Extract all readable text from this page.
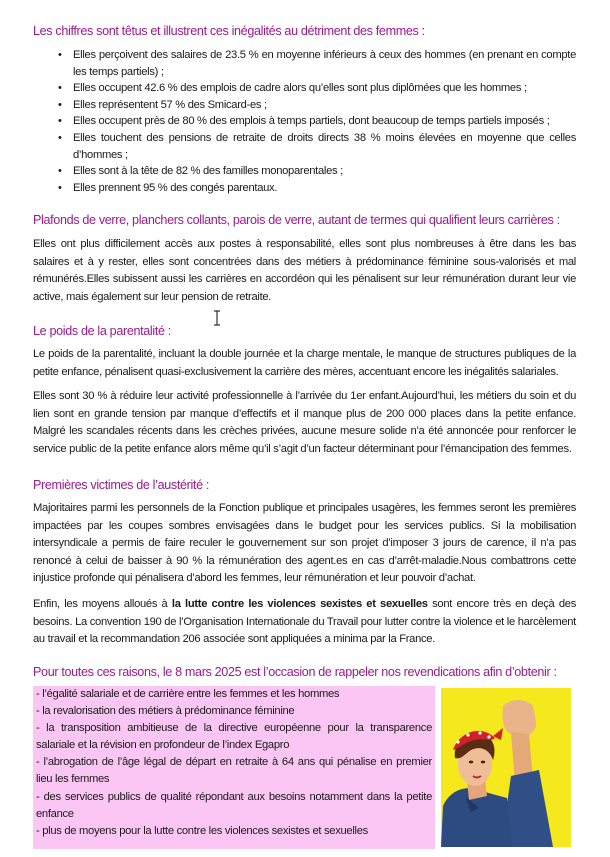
Les chiffres sont têtus et illustrent ces inégalités au détriment des femmes :
• Elles perçoivent des salaires de 23.5 % en moyenne inférieurs à ceux des hommes (en prenant en compte les temps partiels) ;
• Elles occupent 42.6 % des emplois de cadre alors qu’elles sont plus diplômées que les hommes ;
• Elles représentent 57 % des Smicard-es ;
• Elles occupent près de 80 % des emplois à temps partiels, dont beaucoup de temps partiels imposés ;
• Elles touchent des pensions de retraite de droits directs 38 % moins élevées en moyenne que celles d’hommes ;
• Elles sont à la tête de 82 % des familles monoparentales ;
• Elles prennent 95 % des congés parentaux.
Plafonds de verre, planchers collants, parois de verre, autant de termes qui qualifient leurs carrières :

Elles ont plus difficilement accès aux postes à responsabilité, elles sont plus nombreuses à être dans les bas salaires et à y rester, elles sont concentrées dans des métiers à prédominance féminine sous-valorisés et mal rémunérés.Elles subissent aussi les carrières en accordéon qui les pénalisent sur leur rémunération durant leur vie active, mais également sur leur pension de retraite.

Le poids de la parentalité :

Le poids de la parentalité, incluant la double journée et la charge mentale, le manque de structures publiques de la petite enfance, pénalisent quasi-exclusivement la carrière des mères, accentuant encore les inégalités salariales.

Elles sont 30 % à réduire leur activité professionnelle à l’arrivée du 1er enfant.Aujourd’hui, les métiers du soin et du lien sont en grande tension par manque d’effectifs et il manque plus de 200 000 places dans la petite enfance. Malgré les scandales récents dans les crèches privées, aucune mesure solide n’a été annoncée pour renforcer le service public de la petite enfance alors même qu’il s’agit d’un facteur déterminant pour l’émancipation des femmes.

Premières victimes de l’austérité :

Majoritaires parmi les personnels de la Fonction publique et principales usagères, les femmes seront les premières impactées par les coupes sombres envisagées dans le budget pour les services publics. Si la mobilisation intersyndicale a permis de faire reculer le gouvernement sur son projet d’imposer 3 jours de carence, il n’a pas renoncé à celui de baisser à 90 % la rémunération des agent.es en cas d’arrêt-maladie.Nous combattrons cette injustice profonde qui pénalisera d’abord les femmes, leur rémunération et leur pouvoir d’achat.

Enfin, les moyens alloués à la lutte contre les violences sexistes et sexuelles sont encore très en deçà des besoins. La convention 190 de l’Organisation Internationale du Travail pour lutter contre la violence et le harcèlement au travail et la recommandation 206 associée sont appliquées a minima par la France.

Pour toutes ces raisons, le 8 mars 2025 est l’occasion de rappeler nos revendications afin d’obtenir :
- l’égalité salariale et de carrière entre les femmes et les hommes
- la revalorisation des métiers à prédominance féminine
- la transposition ambitieuse de la directive européenne pour la transparence salariale et la révision en profondeur de l’index Egapro
- l’abrogation de l’âge légal de départ en retraite à 64 ans qui pénalise en premier lieu les femmes
- des services publics de qualité répondant aux besoins notamment dans la petite enfance
- plus de moyens pour la lutte contre les violences sexistes et sexuelles
